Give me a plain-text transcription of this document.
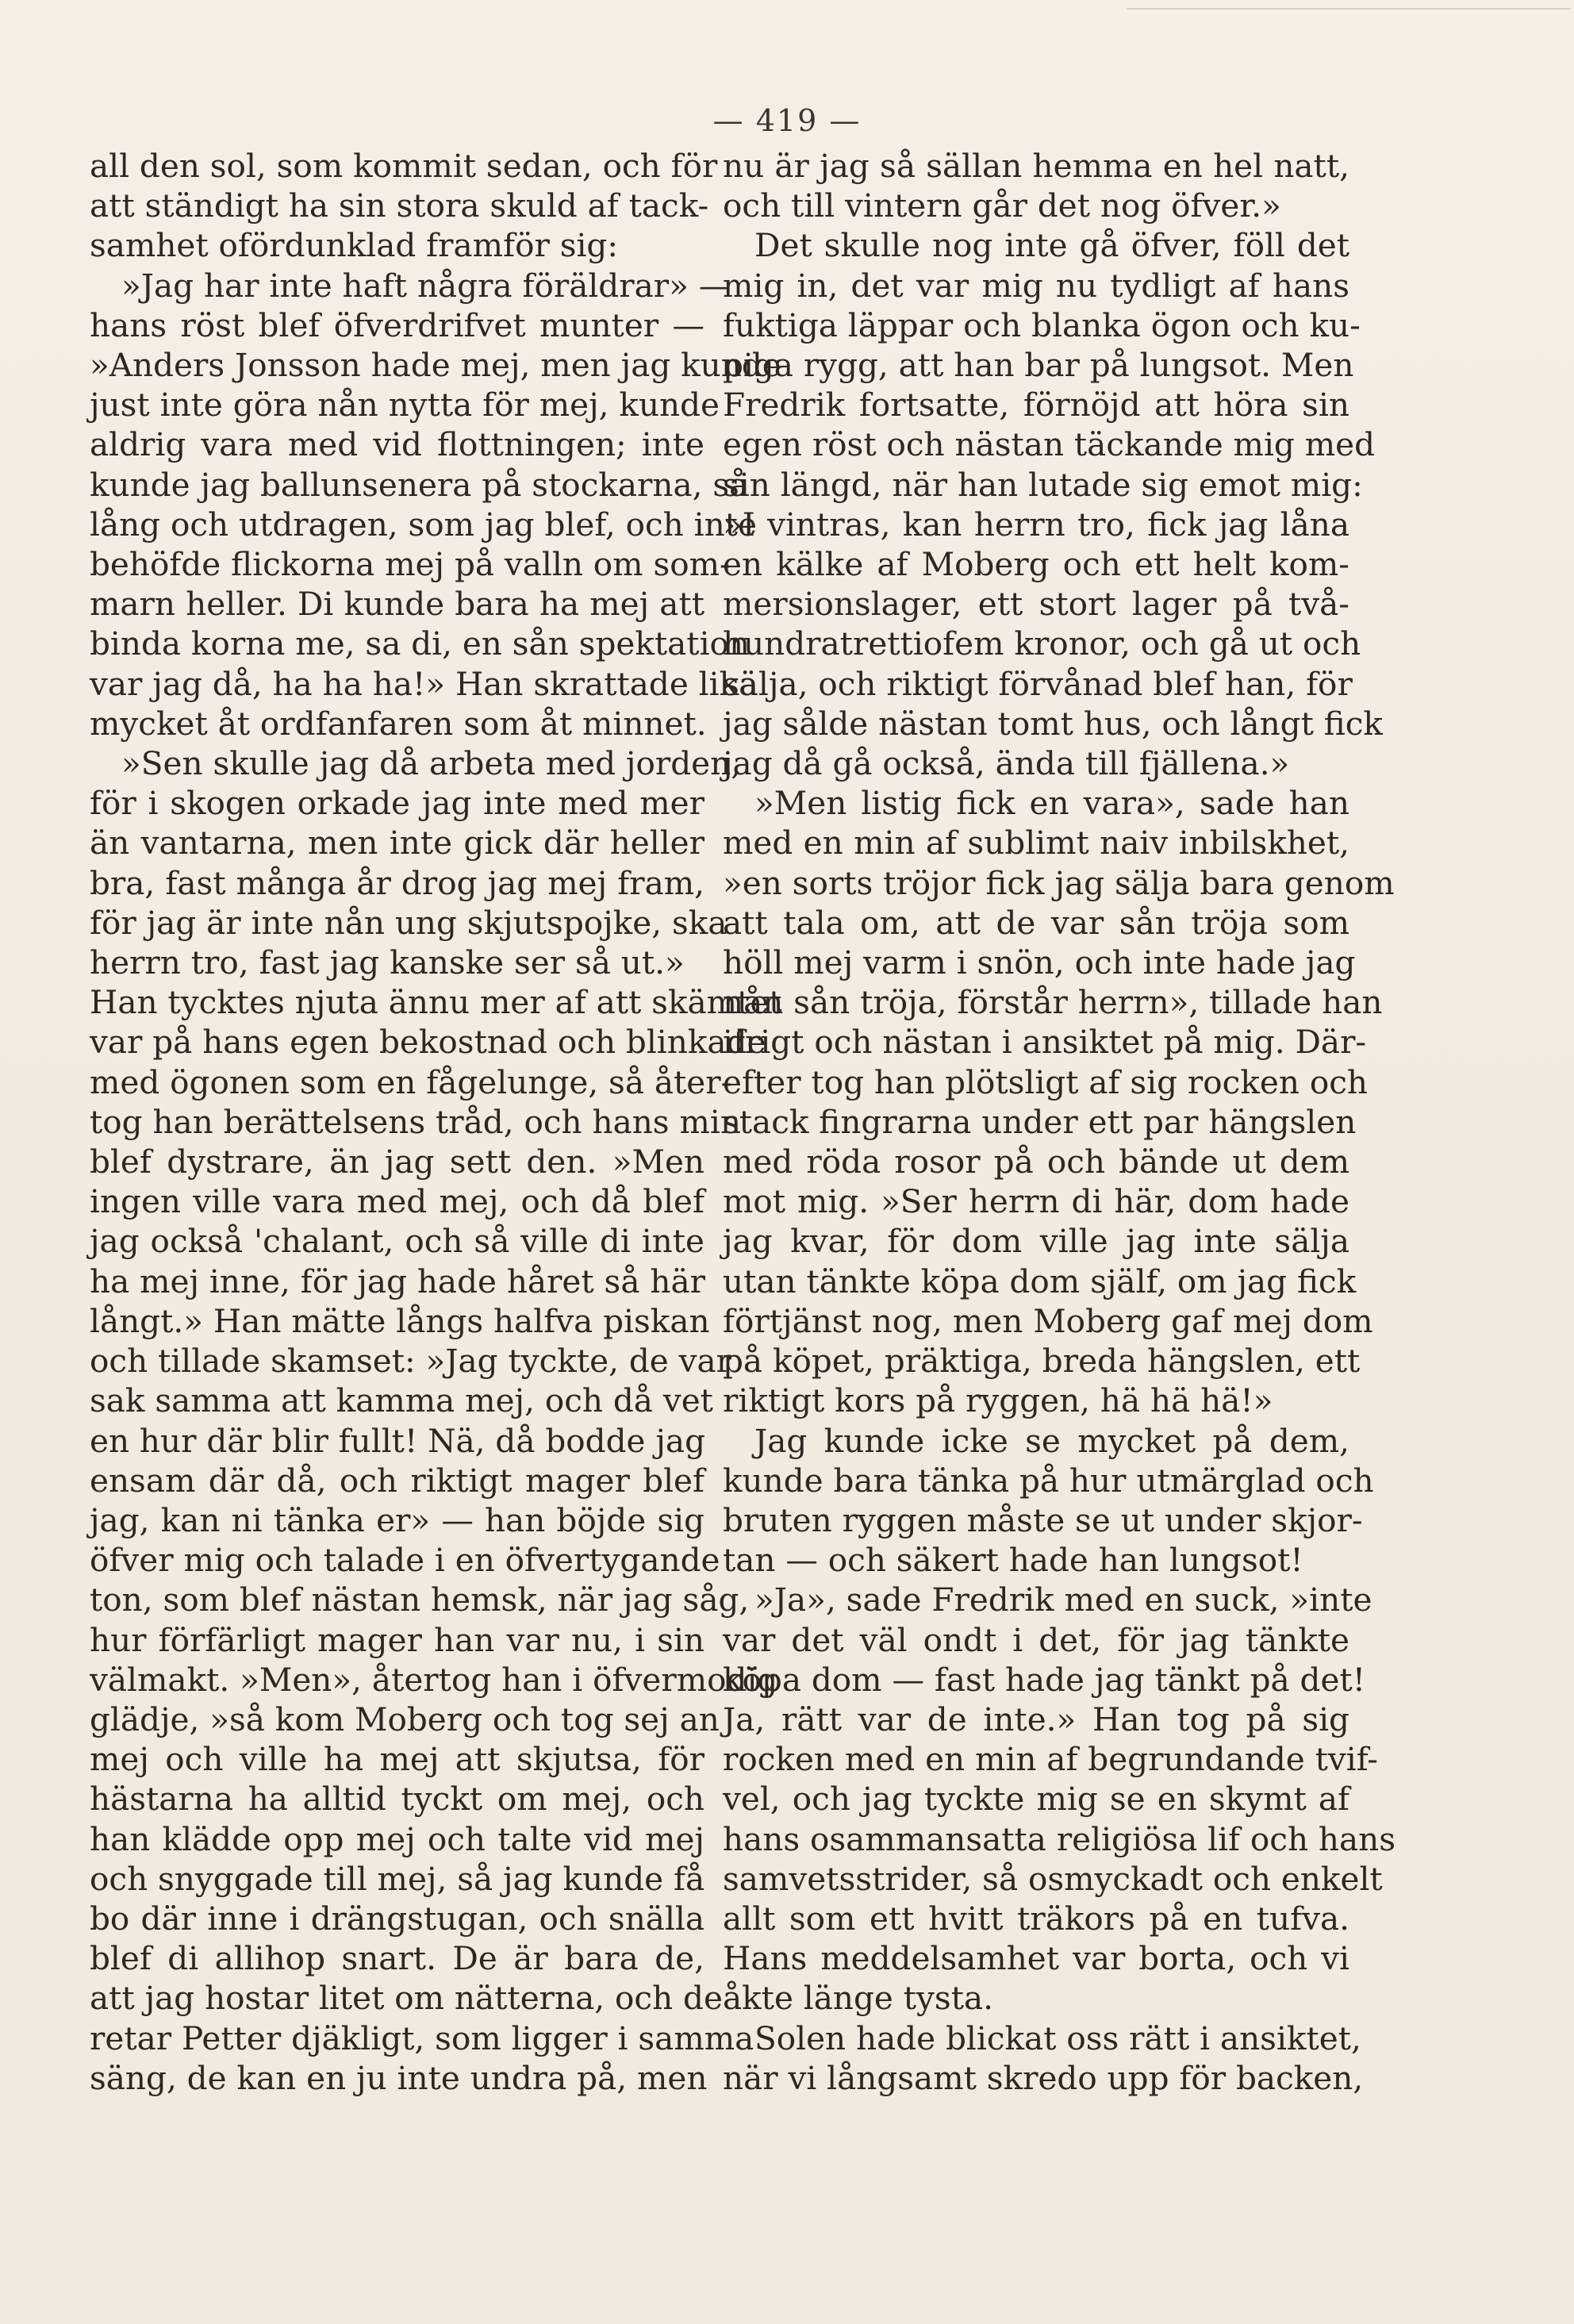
— 419 —
all den sol, som kommit sedan, och för
att ständigt ha sin stora skuld af tack-
samhet ofördunklad framför sig:
»Jag har inte haft några föräldrar» —
hans röst blef öfverdrifvet munter —
»Anders Jonsson hade mej, men jag kunde
just inte göra nån nytta för mej, kunde
aldrig vara med vid flottningen; inte
kunde jag ballunsenera på stockarna, så
lång och utdragen, som jag blef, och inte
behöfde flickorna mej på valln om som-
marn heller. Di kunde bara ha mej att
binda korna me, sa di, en sån spektation
var jag då, ha ha ha!» Han skrattade lika
mycket åt ordfanfaren som åt minnet.
»Sen skulle jag då arbeta med jorden,
för i skogen orkade jag inte med mer
än vantarna, men inte gick där heller
bra, fast många år drog jag mej fram,
för jag är inte nån ung skjutspojke, ska
herrn tro, fast jag kanske ser så ut.»
Han tycktes njuta ännu mer af att skämtet
var på hans egen bekostnad och blinkade
med ögonen som en fågelunge, så åter-
tog han berättelsens tråd, och hans min
blef dystrare, än jag sett den. »Men
ingen ville vara med mej, och då blef
jag också 'chalant, och så ville di inte
ha mej inne, för jag hade håret så här
långt.» Han mätte långs halfva piskan
och tillade skamset: »Jag tyckte, de var
sak samma att kamma mej, och då vet
en hur där blir fullt! Nä, då bodde jag
ensam där då, och riktigt mager blef
jag, kan ni tänka er» — han böjde sig
öfver mig och talade i en öfvertygande
ton, som blef nästan hemsk, när jag såg,
hur förfärligt mager han var nu, i sin
välmakt. »Men», återtog han i öfvermodig
glädje, »så kom Moberg och tog sej an
mej och ville ha mej att skjutsa, för
hästarna ha alltid tyckt om mej, och
han klädde opp mej och talte vid mej
och snyggade till mej, så jag kunde få
bo där inne i drängstugan, och snälla
blef di allihop snart. De är bara de,
att jag hostar litet om nätterna, och de
retar Petter djäkligt, som ligger i samma
säng, de kan en ju inte undra på, men
nu är jag så sällan hemma en hel natt,
och till vintern går det nog öfver.»
Det skulle nog inte gå öfver, föll det
mig in, det var mig nu tydligt af hans
fuktiga läppar och blanka ögon och ku-
piga rygg, att han bar på lungsot. Men
Fredrik fortsatte, förnöjd att höra sin
egen röst och nästan täckande mig med
sin längd, när han lutade sig emot mig:
»I vintras, kan herrn tro, fick jag låna
en kälke af Moberg och ett helt kom-
mersionslager, ett stort lager på två-
hundratrettiofem kronor, och gå ut och
sälja, och riktigt förvånad blef han, för
jag sålde nästan tomt hus, och långt fick
jag då gå också, ända till fjällena.»
»Men listig fick en vara», sade han
med en min af sublimt naiv inbilskhet,
»en sorts tröjor fick jag sälja bara genom
att tala om, att de var sån tröja som
höll mej varm i snön, och inte hade jag
nån sån tröja, förstår herrn», tillade han
ifrigt och nästan i ansiktet på mig. Där-
efter tog han plötsligt af sig rocken och
stack fingrarna under ett par hängslen
med röda rosor på och bände ut dem
mot mig. »Ser herrn di här, dom hade
jag kvar, för dom ville jag inte sälja
utan tänkte köpa dom själf, om jag fick
förtjänst nog, men Moberg gaf mej dom
på köpet, präktiga, breda hängslen, ett
riktigt kors på ryggen, hä hä hä!»
Jag kunde icke se mycket på dem,
kunde bara tänka på hur utmärglad och
bruten ryggen måste se ut under skjor-
tan — och säkert hade han lungsot!
»Ja», sade Fredrik med en suck, »inte
var det väl ondt i det, för jag tänkte
köpa dom — fast hade jag tänkt på det!
Ja, rätt var de inte.» Han tog på sig
rocken med en min af begrundande tvif-
vel, och jag tyckte mig se en skymt af
hans osammansatta religiösa lif och hans
samvetsstrider, så osmyckadt och enkelt
allt som ett hvitt träkors på en tufva.
Hans meddelsamhet var borta, och vi
åkte länge tysta.
Solen hade blickat oss rätt i ansiktet,
när vi långsamt skredo upp för backen,
